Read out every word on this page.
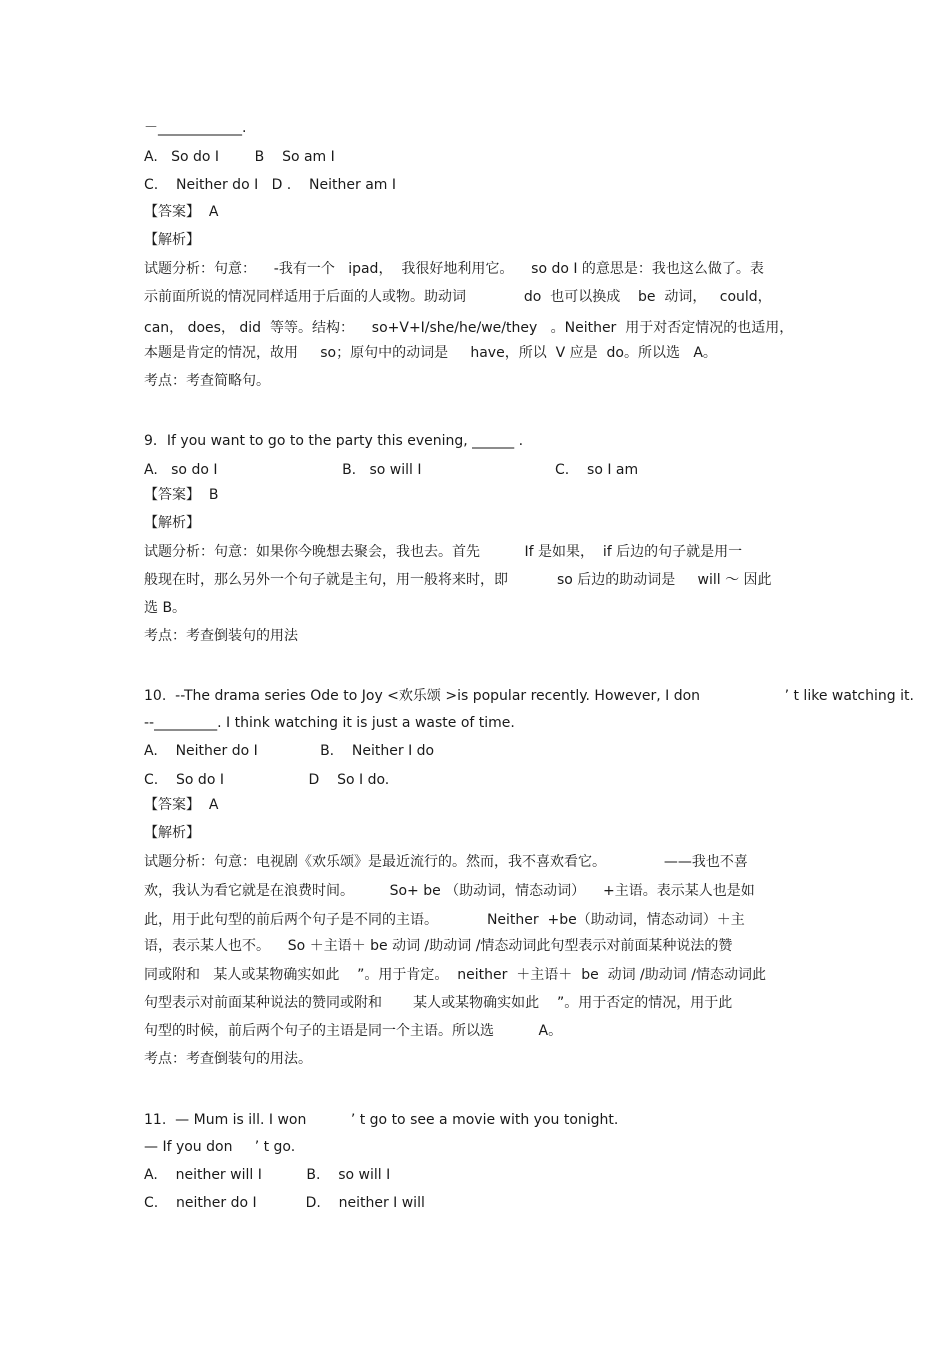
－____________.
A.   So do I        B    So am I
C.    Neither do I   D .    Neither am I
【答案】  A
【解析】
试题分析：句意：    -我有一个   ipad，  我很好地利用它。    so do I 的意思是：我也这么做了。表
示前面所说的情况同样适用于后面的人或物。助动词             do  也可以换成    be  动词，   could，
can， does， did  等等。结构：    so+V+I/she/he/we/they   。Neither  用于对否定情况的也适用，
本题是肯定的情况，故用     so；原句中的动词是     have，所以  V 应是  do。所以选   A。
考点：考查简略句。
9．If you want to go to the party this evening, ______ .
A.   so do I                            B.   so will I                              C.    so I am
【答案】  B
【解析】
试题分析：句意：如果你今晚想去聚会，我也去。首先          If 是如果，  if 后边的句子就是用一
般现在时，那么另外一个句子就是主句，用一般将来时，即           so 后边的助动词是     will ～ 因此
选 B。
考点：考查倒装句的用法
10.  --The drama series Ode to Joy <欢乐颂 >is popular recently. However, I don                   ’ t like watching it.
--_________. I think watching it is just a waste of time.
A.    Neither do I              B.    Neither I do
C.    So do I                   D    So I do.
【答案】  A
【解析】
试题分析：句意：电视剧《欢乐颂》是最近流行的。然而，我不喜欢看它。             ——我也不喜
欢，我认为看它就是在浪费时间。        So+ be （助动词，情态动词）    +主语。表示某人也是如
此，用于此句型的前后两个句子是不同的主语。           Neither  +be（助动词，情态动词）＋主
语，表示某人也不。    So ＋主语＋ be 动词 /助动词 /情态动词此句型表示对前面某种说法的赞
同或附和   某人或某物确实如此    ”。用于肯定。  neither  ＋主语＋  be  动词 /助动词 /情态动词此
句型表示对前面某种说法的赞同或附和       某人或某物确实如此    ”。用于否定的情况，用于此
句型的时候，前后两个句子的主语是同一个主语。所以选          A。
考点：考查倒装句的用法。
11.  — Mum is ill. I won          ’ t go to see a movie with you tonight.
— If you don     ’ t go.
A.    neither will I          B.    so will I
C.    neither do I           D.    neither I will
